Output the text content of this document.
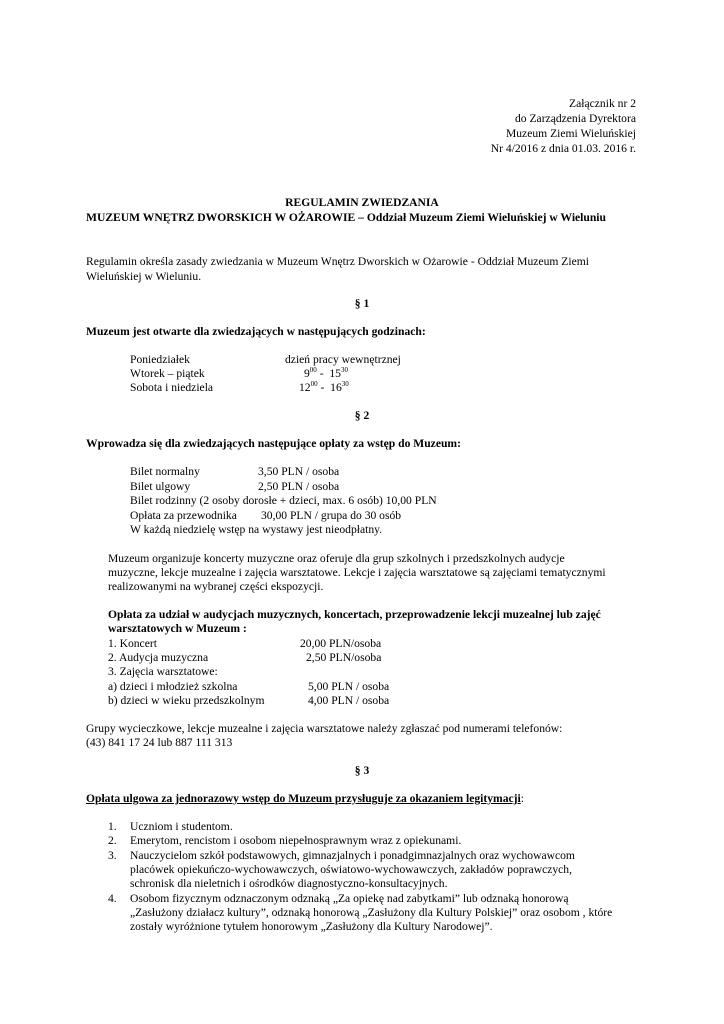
Załącznik nr 2
do Zarządzenia Dyrektora
Muzeum Ziemi Wieluńskiej
Nr 4/2016 z dnia 01.03. 2016 r.
REGULAMIN ZWIEDZANIA
MUZEUM WNĘTRZ DWORSKICH W OŻAROWIE – Oddział Muzeum Ziemi Wieluńskiej w Wieluniu
Regulamin określa zasady zwiedzania w Muzeum Wnętrz Dworskich w Ożarowie - Oddział Muzeum Ziemi
Wieluńskiej w Wieluniu.
§ 1
Muzeum jest otwarte dla zwiedzających w następujących godzinach:
Poniedziałek	dzień pracy wewnętrznej
Wtorek – piątek	$9^{00} - 15^{30}$
Sobota i niedziela	$12^{00} - 16^{30}$
§ 2
Wprowadza się dla zwiedzających następujące opłaty za wstęp do Muzeum:
Bilet normalny	3,50 PLN / osoba
Bilet ulgowy	2,50 PLN / osoba
Bilet rodzinny (2 osoby dorosłe + dzieci, max. 6 osób) 10,00 PLN
Opłata za przewodnika 30,00 PLN / grupa do 30 osób
W każdą niedzielę wstęp na wystawy jest nieodpłatny.
Muzeum organizuje koncerty muzyczne oraz oferuje dla grup szkolnych i przedszkolnych audycje
muzyczne, lekcje muzealne i zajęcia warsztatowe. Lekcje i zajęcia warsztatowe są zajęciami tematycznymi
realizowanymi na wybranej części ekspozycji.
Opłata za udział w audycjach muzycznych, koncertach, przeprowadzenie lekcji muzealnej lub zajęć
warsztatowych w Muzeum :
1. Koncert	20,00 PLN/osoba
2. Audycja muzyczna	2,50 PLN/osoba
3. Zajęcia warsztatowe:
a) dzieci i młodzież szkolna	5,00 PLN / osoba
b) dzieci w wieku przedszkolnym	4,00 PLN / osoba
Grupy wycieczkowe, lekcje muzealne i zajęcia warsztatowe należy zgłaszać pod numerami telefonów:
(43) 841 17 24 lub 887 111 313
§ 3
Opłata ulgowa za jednorazowy wstęp do Muzeum przysługuje za okazaniem legitymacji:
1. Uczniom i studentom.
2. Emerytom, rencistom i osobom niepełnosprawnym wraz z opiekunami.
3. Nauczycielom szkół podstawowych, gimnazjalnych i ponadgimnazjalnych oraz wychowawcom
placówek opiekuńczo-wychowawczych, oświatowo-wychowawczych, zakładów poprawczych,
schronisk dla nieletnich i ośrodków diagnostyczno-konsultacyjnych.
4. Osobom fizycznym odznaczonym odznaką „Za opiekę nad zabytkami” lub odznaką honorową
„Zasłużony działacz kultury”, odznaką honorową „Zasłużony dla Kultury Polskiej” oraz osobom , które
zostały wyróżnione tytułem honorowym „Zasłużony dla Kultury Narodowej”.
